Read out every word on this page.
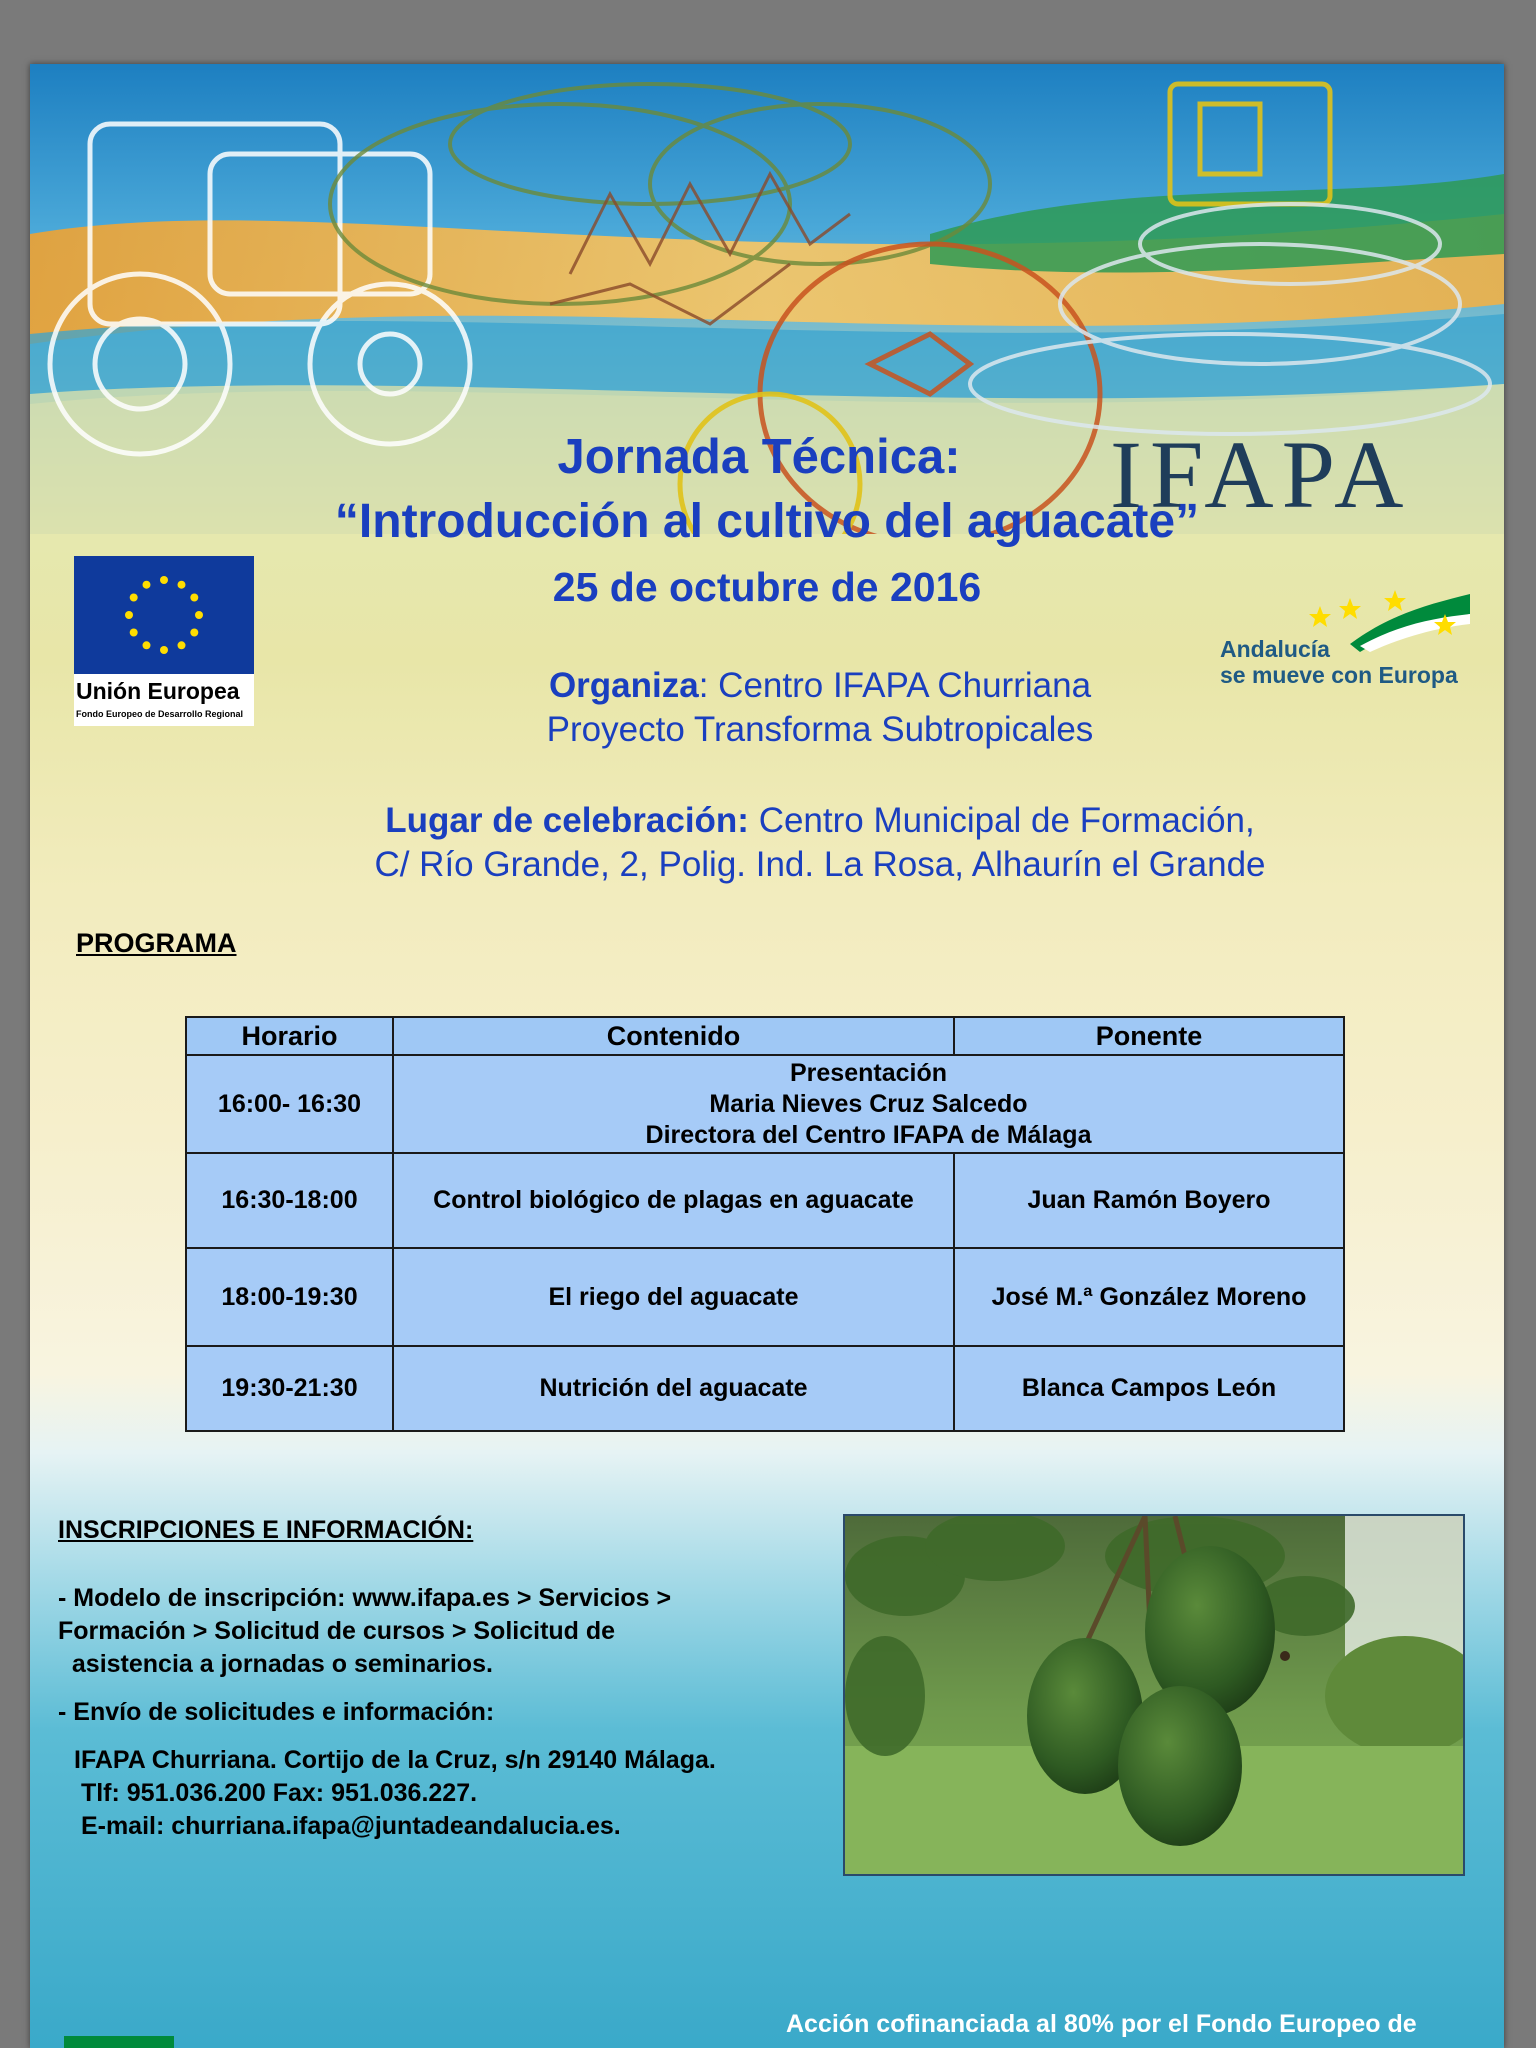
Jornada Técnica:
“Introducción al cultivo del aguacate”
25 de octubre de 2016
IFAPA
Unión Europea
Fondo Europeo de Desarrollo Regional
Andalucía
se mueve con Europa
Organiza: Centro IFAPA Churriana
Proyecto Transforma Subtropicales
Lugar de celebración: Centro Municipal de Formación,
C/ Río Grande, 2, Polig. Ind. La Rosa, Alhaurín el Grande
PROGRAMA
Horario	Contenido	Ponente
16:00- 16:30	Presentación
Maria Nieves Cruz Salcedo
Directora del Centro IFAPA de Málaga	

16:30-18:00	Control biológico de plagas en aguacate	Juan Ramón Boyero
18:00-19:30	El riego del aguacate	José M.ª González Moreno
19:30-21:30	Nutrición del aguacate	Blanca Campos León
INSCRIPCIONES E INFORMACIÓN:
- Modelo de inscripción: www.ifapa.es > Servicios >
Formación > Solicitud de cursos > Solicitud de
asistencia a jornadas o seminarios.
- Envío de solicitudes e información:
IFAPA Churriana. Cortijo de la Cruz, s/n 29140 Málaga.
Tlf: 951.036.200 Fax: 951.036.227.
E-mail: churriana.ifapa@juntadeandalucia.es.
Acción cofinanciada al 80% por el Fondo Europeo de
